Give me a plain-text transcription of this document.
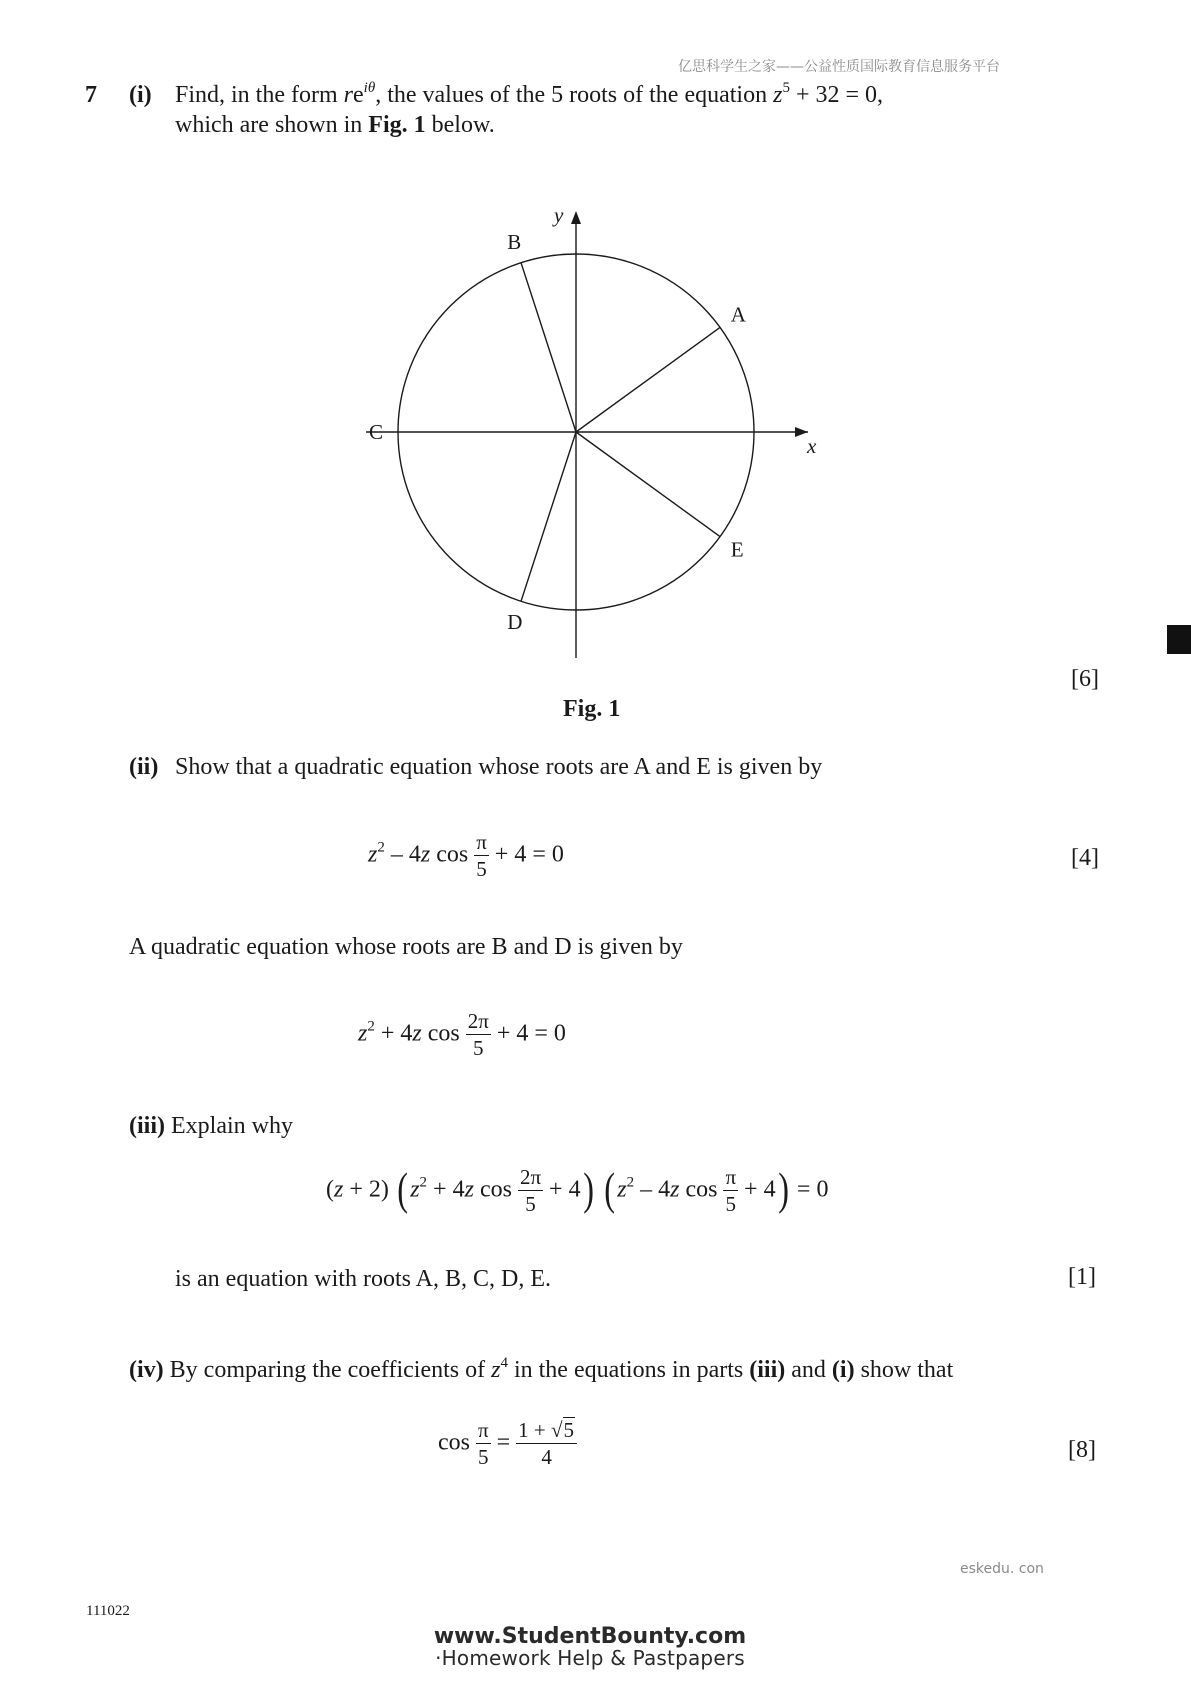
亿思科学生之家——公益性质国际教育信息服务平台
7 (i) Find, in the form $re^{i\theta}$, the values of the 5 roots of the equation $z^5 + 32 = 0$,
which are shown in Fig. 1 below.
x
y
A
B
C
D
E
Fig. 1
[6]
[4]
[1]
[8]
(ii) Show that a quadratic equation whose roots are A and E is given by
$z^2 - 4z$ $\cos \frac{\pi}{5} + 4 = 0$
A quadratic equation whose roots are B and D is given by
$z^2 + 4z$ $\cos \frac{2\pi}{5} + 4 = 0$
(iii) Explain why
(z + 2) ($z^2 + 4z$ $\cos \frac{2\pi}{5} + 4$) ($z^2 - 4z$ $\cos \frac{\pi}{5} + 4) = 0$
is an equation with roots A, B, C, D, E.
(iv) By comparing the coefficients of $z^4$ in the equations in parts (iii) and (i) show that
$\cos \frac{\pi}{5} = \frac{1 + √5}{4}$
eskedu. con
111022
www.StudentBounty.com
·Homework Help & Pastpapers
